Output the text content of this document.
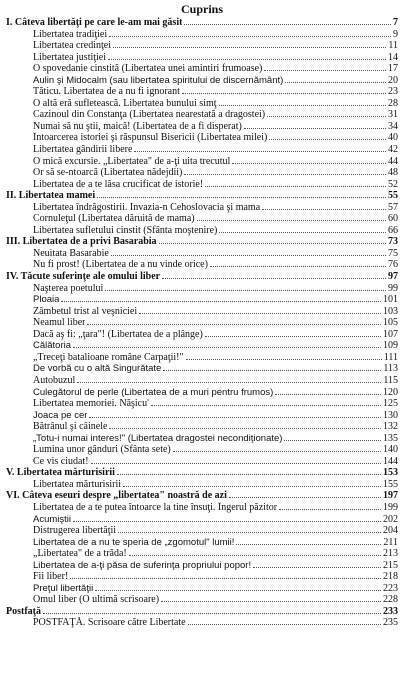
Cuprins
I. Câteva libertăţi pe care le-am mai găsit	7
Libertatea tradiţiei	9
Libertatea credinţei	11
Libertatea justiţiei	14
O spovedanie cinstită (Libertatea unei amintiri frumoase)	17
Aulin şi Midocalm (sau libertatea spiritului de discernământ)	20
Tăticu. Libertatea de a nu fi ignorant	23
O altă eră sufletească. Libertatea bunului simţ	28
Cazinoul din Constanţa (Libertatea nearestată a dragostei)	31
Numai să nu ştii, maică! (Libertatea de a fi disperat)	34
Întoarcerea istoriei şi răspunsul Bisericii (Libertatea milei)	40
Libertatea gândirii libere	42
O mică excursie. „Libertatea" de a-ţi uita trecutul	44
Or să se-ntoarcă (Libertatea nădejdii)	48
Libertatea de a te lăsa crucificat de istorie!	52
II. Libertatea mamei	55
Libertatea îndrăgostirii. Invazia-n Cehoslovacia şi mama	57
Cornuleţul (Libertatea dăruită de mama)	60
Libertatea sufletului cinstit (Sfânta moştenire)	66
III. Libertatea de a privi Basarabia	73
Neuitata Basarabie	75
Nu fi prost! (Libertatea de a nu vinde orice)	76
IV. Tăcute suferinţe ale omului liber	97
Naşterea poetului	99
Ploaia	101
Zâmbetul trist al veşniciei	103
Neamul liber	105
Dacă aş fi: „ţara"! (Libertatea de a plânge)	107
Călătoria	109
„Treceţi batalioane române Carpaţii!"	111
De vorbă cu o altă Singurătate	113
Autobuzul	115
Culegătorul de perle (Libertatea de a muri pentru frumos)	120
Libertatea memoriei. Năşicu'	125
Joaca pe cer	130
Bătrânul şi câinele	132
„Totu-i numai interes!" (Libertatea dragostei necondiţionate)	135
Lumina unor gânduri (Sfânta sete)	140
Ce vis ciudat!	144
V. Libertatea mărturisirii	153
Libertatea mărturisirii	155
VI. Câteva eseuri despre „libertatea" noastră de azi	197
Libertatea de a te putea întoarce la tine însuţi. Îngerul păzitor	199
Acumiştii	202
Distrugerea libertăţii	204
Libertatea de a nu te speria de „zgomotul" lumii!	211
„Libertatea" de a trăda!	213
Libertatea de a-ţi păsa de suferinţa propriului popor!	215
Fii liber!	218
Preţul libertăţii	223
Omul liber (O ultimă scrisoare)	228
Postfaţă	233
POSTFAŢĂ. Scrisoare către Libertate	235
